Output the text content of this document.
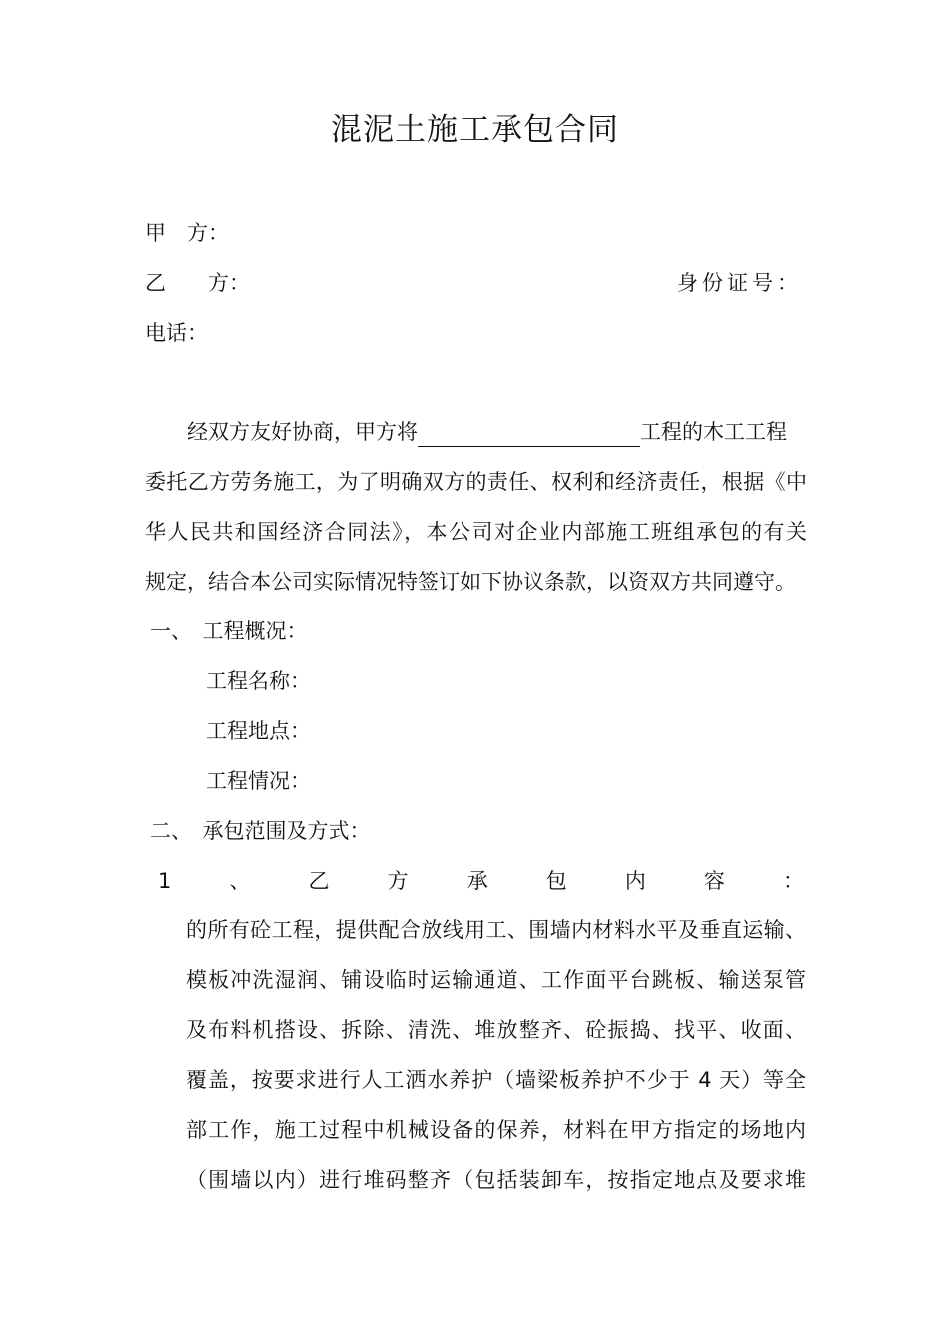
混泥土施工承包合同
甲　方：
乙　　方：	身份证号：
电话：
经双方友好协商，甲方将	工程的木工工程
委托乙方劳务施工，为了明确双方的责任、权利和经济责任，根据《中
华人民共和国经济合同法》，本公司对企业内部施工班组承包的有关
规定，结合本公司实际情况特签订如下协议条款，以资双方共同遵守。
一、　工程概况：
工程名称：
工程地点：
工程情况：
二、　承包范围及方式：
1	、	乙	方	承	包	内	容	：
的所有砼工程，提供配合放线用工、围墙内材料水平及垂直运输、
模板冲洗湿润、铺设临时运输通道、工作面平台跳板、输送泵管
及布料机搭设、拆除、清洗、堆放整齐、砼振捣、找平、收面、
覆盖，按要求进行人工洒水养护（墙梁板养护不少于 4 天）等全
部工作，施工过程中机械设备的保养，材料在甲方指定的场地内
（围墙以内）进行堆码整齐（包括装卸车，按指定地点及要求堆
